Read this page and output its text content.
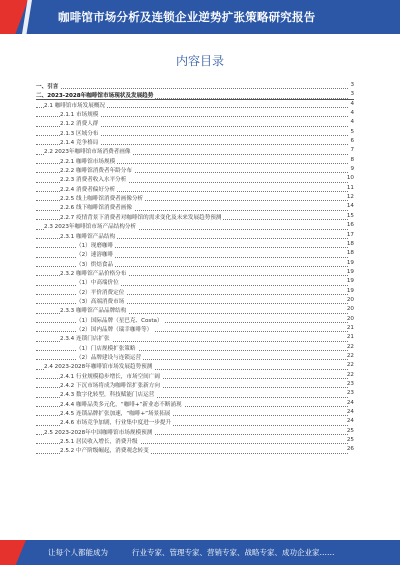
咖啡馆市场分析及连锁企业逆势扩张策略研究报告
内容目录
一、引言	3
二、2023-2028年咖啡馆市场现状及发展趋势	3
2.1 咖啡馆市场发展概况	4
2.1.1 市场规模	4
2.1.2 消费人群	4
2.1.3 区域分布	5
2.1.4 竞争格局	6
2.2 2023年咖啡馆市场消费者画像	7
2.2.1 咖啡馆市场规模	8
2.2.2 咖啡馆消费者年龄分布	9
2.2.3 消费者收入水平分析	10
2.2.4 消费者偏好分析	11
2.2.5 线上咖啡馆消费者画像分析	12
2.2.6 线下咖啡馆消费者画像	14
2.2.7 疫情背景下消费者对咖啡馆的需求变化及未来发展趋势预测	15
2.3 2023年咖啡馆市场产品结构分析	16
2.3.1 咖啡馆产品结构	17
（1）现磨咖啡	18
（2）速溶咖啡	18
（3）烘焙食品	19
2.3.2 咖啡馆产品价格分布	19
（1）中高端价位	19
（2）平价消费定位	19
（3）高端消费市场	20
2.3.3 咖啡馆产品品牌结构	20
（1）国际品牌（星巴克、Costa）	20
（2）国内品牌（瑞幸咖啡等）	21
2.3.4 连锁门店扩张	21
（1）门店规模扩张策略	22
（2）品牌建设与连锁运营	22
2.4 2023-2028年咖啡馆市场发展趋势预测	22
2.4.1 行业规模稳步增长，市场空间广阔	22
2.4.2 下沉市场将成为咖啡馆扩张新方向	23
2.4.3 数字化转型，科技赋能门店运营	23
2.4.4 咖啡品类多元化，“咖啡+”新业态不断涌现	24
2.4.5 连锁品牌扩张加速，“咖啡+”场景拓展	24
2.4.6 市场竞争加剧，行业集中度进一步提升	24
2.5 2023-2028年中国咖啡馆市场规模预测	25
2.5.1 居民收入增长，消费升级	25
2.5.2 中产阶级崛起，消费观念转变	26
让每个人都能成为	行业专家、管理专家、营销专家、战略专家、成功企业家……
